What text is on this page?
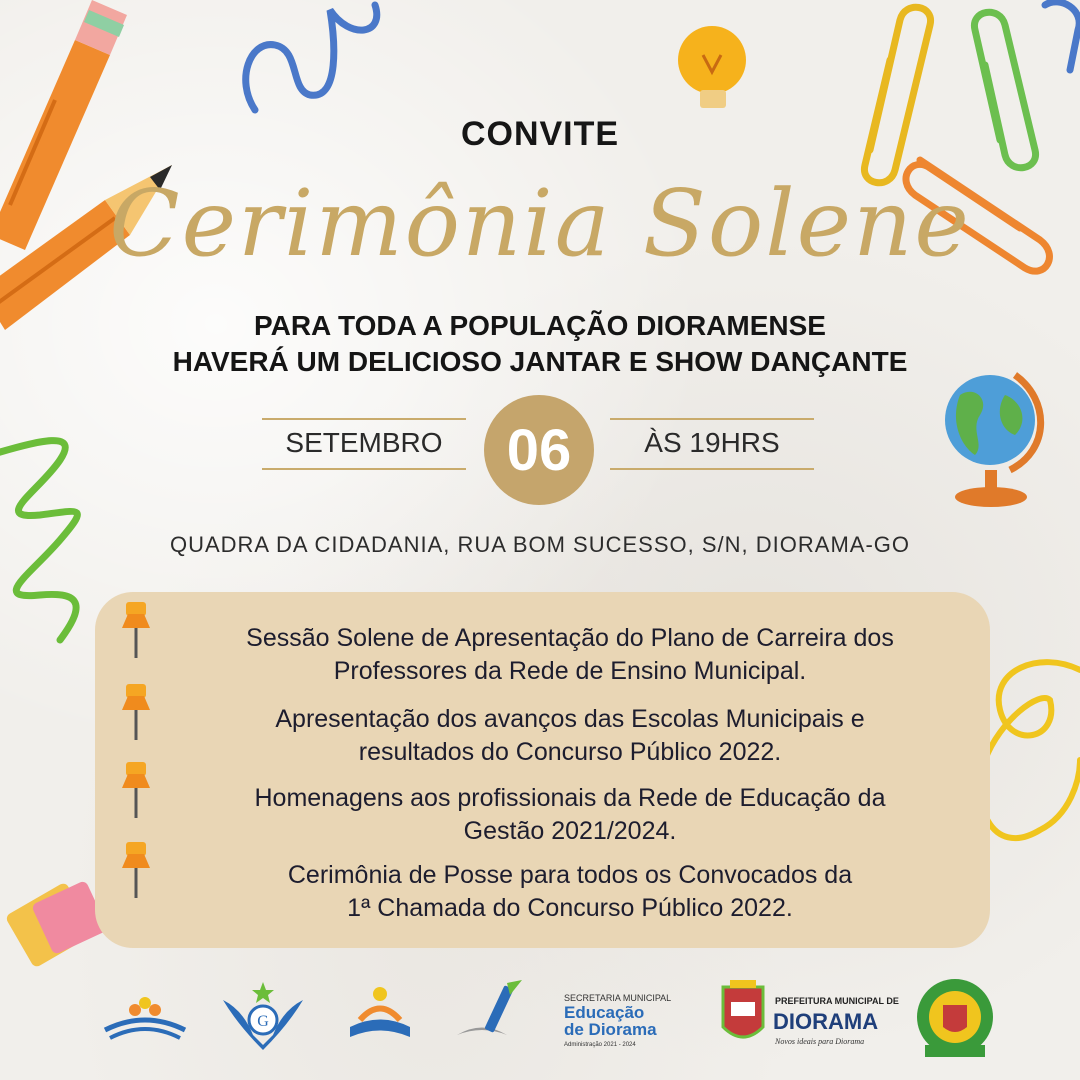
CONVITE
Cerimônia Solene
PARA TODA A POPULAÇÃO DIORAMENSE
HAVERÁ UM DELICIOSO JANTAR E SHOW DANÇANTE
SETEMBRO	06	ÀS 19HRS
QUADRA DA CIDADANIA, RUA BOM SUCESSO, S/N, DIORAMA-GO
Sessão Solene de Apresentação do Plano de Carreira dos
Professores da Rede de Ensino Municipal.
Apresentação dos avanços das Escolas Municipais e
resultados do Concurso Público 2022.
Homenagens aos profissionais da Rede de Educação da
Gestão 2021/2024.
Cerimônia de Posse para todos os Convocados da
1ª Chamada do Concurso Público 2022.
G
SECRETARIA MUNICIPAL
Educação
de Diorama
Administração 2021 - 2024
PREFEITURA MUNICIPAL DE
DIORAMA
Novos ideais para Diorama
